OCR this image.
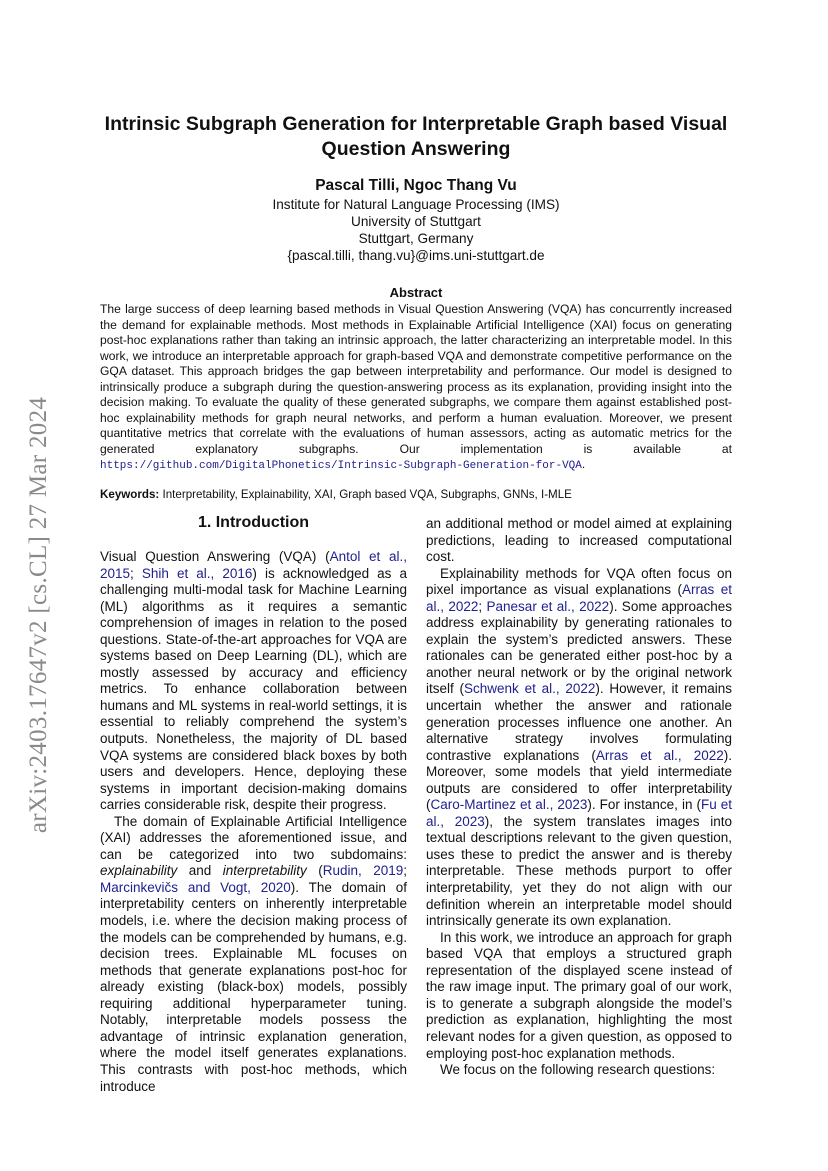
arXiv:2403.17647v2 [cs.CL] 27 Mar 2024
Intrinsic Subgraph Generation for Interpretable Graph based Visual Question Answering
Pascal Tilli, Ngoc Thang Vu
Institute for Natural Language Processing (IMS)
University of Stuttgart
Stuttgart, Germany
{pascal.tilli, thang.vu}@ims.uni-stuttgart.de
Abstract
The large success of deep learning based methods in Visual Question Answering (VQA) has concurrently increased the demand for explainable methods. Most methods in Explainable Artificial Intelligence (XAI) focus on generating post-hoc explanations rather than taking an intrinsic approach, the latter characterizing an interpretable model. In this work, we introduce an interpretable approach for graph-based VQA and demonstrate competitive performance on the GQA dataset. This approach bridges the gap between interpretability and performance. Our model is designed to intrinsically produce a subgraph during the question-answering process as its explanation, providing insight into the decision making. To evaluate the quality of these generated subgraphs, we compare them against established post-hoc explainability methods for graph neural networks, and perform a human evaluation. Moreover, we present quantitative metrics that correlate with the evaluations of human assessors, acting as automatic metrics for the generated explanatory subgraphs. Our implementation is available at https://github.com/DigitalPhonetics/Intrinsic-Subgraph-Generation-for-VQA.
Keywords: Interpretability, Explainability, XAI, Graph based VQA, Subgraphs, GNNs, I-MLE
1. Introduction

Visual Question Answering (VQA) (Antol et al., 2015; Shih et al., 2016) is acknowledged as a challenging multi-modal task for Machine Learning (ML) algorithms as it requires a semantic comprehension of images in relation to the posed questions. State-of-the-art approaches for VQA are systems based on Deep Learning (DL), which are mostly assessed by accuracy and efficiency metrics. To enhance collaboration between humans and ML systems in real-world settings, it is essential to reliably comprehend the system’s outputs. Nonetheless, the majority of DL based VQA systems are considered black boxes by both users and developers. Hence, deploying these systems in important decision-making domains carries considerable risk, despite their progress.

The domain of Explainable Artificial Intelligence (XAI) addresses the aforementioned issue, and can be categorized into two subdomains: explainability and interpretability (Rudin, 2019; Marcinkevičs and Vogt, 2020). The domain of interpretability centers on inherently interpretable models, i.e. where the decision making process of the models can be comprehended by humans, e.g. decision trees. Explainable ML focuses on methods that generate explanations post-hoc for already existing (black-box) models, possibly requiring additional hyperparameter tuning. Notably, interpretable models possess the advantage of intrinsic explanation generation, where the model itself generates explanations. This contrasts with post-hoc methods, which introduce

an additional method or model aimed at explaining predictions, leading to increased computational cost.

Explainability methods for VQA often focus on pixel importance as visual explanations (Arras et al., 2022; Panesar et al., 2022). Some approaches address explainability by generating rationales to explain the system’s predicted answers. These rationales can be generated either post-hoc by a another neural network or by the original network itself (Schwenk et al., 2022). However, it remains uncertain whether the answer and rationale generation processes influence one another. An alternative strategy involves formulating contrastive explanations (Arras et al., 2022). Moreover, some models that yield intermediate outputs are considered to offer interpretability (Caro-Martinez et al., 2023). For instance, in (Fu et al., 2023), the system translates images into textual descriptions relevant to the given question, uses these to predict the answer and is thereby interpretable. These methods purport to offer interpretability, yet they do not align with our definition wherein an interpretable model should intrinsically generate its own explanation.

In this work, we introduce an approach for graph based VQA that employs a structured graph representation of the displayed scene instead of the raw image input. The primary goal of our work, is to generate a subgraph alongside the model’s prediction as explanation, highlighting the most relevant nodes for a given question, as opposed to employing post-hoc explanation methods.

We focus on the following research questions:
